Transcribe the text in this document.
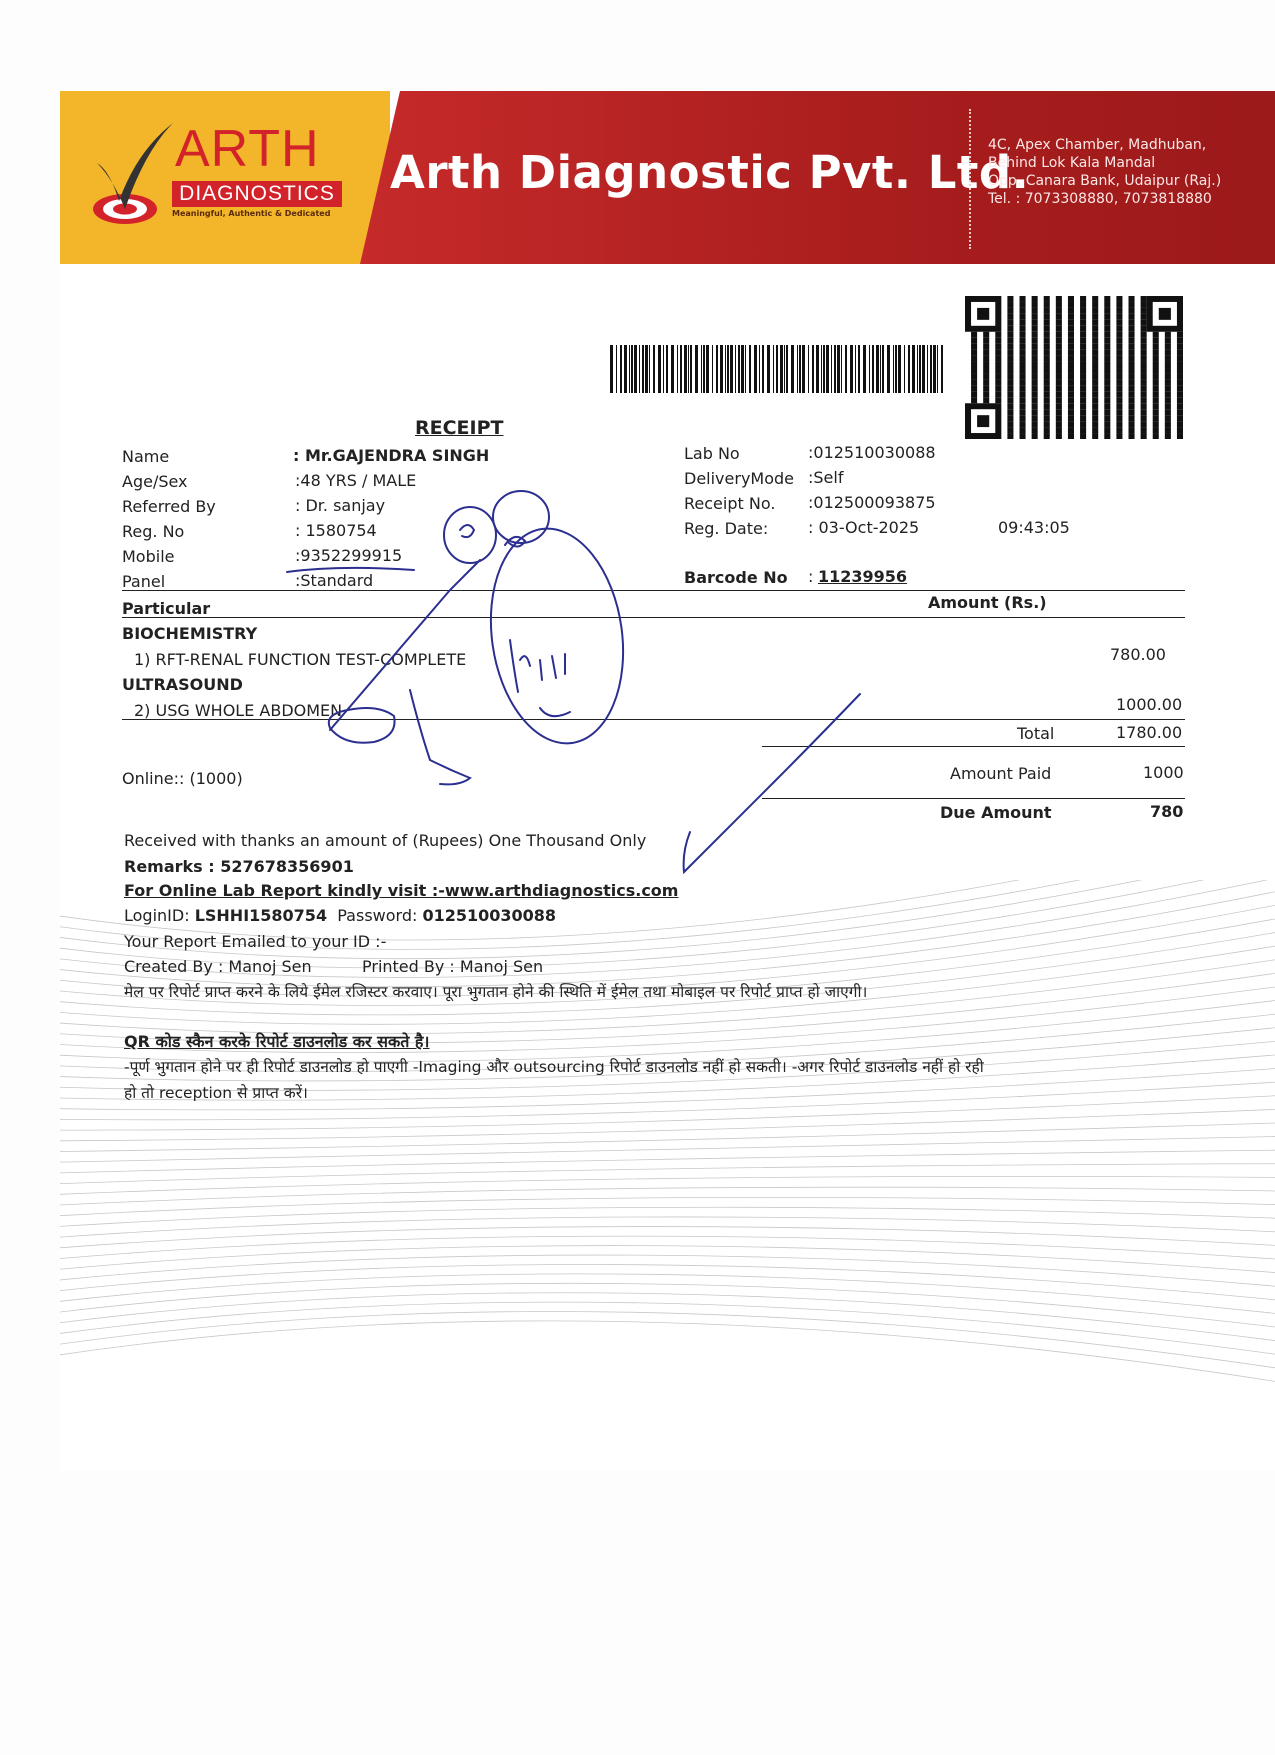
ARTH
DIAGNOSTICS
Meaningful, Authentic & Dedicated
Arth Diagnostic Pvt. Ltd.
4C, Apex Chamber, Madhuban,
Behind Lok Kala Mandal
Opp. Canara Bank, Udaipur (Raj.)
Tel. : 7073308880, 7073818880
RECEIPT
Name	: Mr.GAJENDRA SINGH
Age/Sex	:48 YRS / MALE
Referred By	: Dr. sanjay
Reg. No	: 1580754
Mobile	:9352299915
Panel	:Standard
Lab No	:012510030088
DeliveryMode :Self
Receipt No. :012500093875
Reg. Date: : 03-Oct-2025	09:43:05
Barcode No : 11239956
Particular	Amount (Rs.)
BIOCHEMISTRY
1) RFT-RENAL FUNCTION TEST-COMPLETE	780.00
ULTRASOUND
2) USG WHOLE ABDOMEN	1000.00
Total	1780.00
Online:: (1000)	Amount Paid	1000
Due Amount	780
Received with thanks an amount of (Rupees) One Thousand Only
Remarks : 527678356901
For Online Lab Report kindly visit :-www.arthdiagnostics.com
LoginID: LSHHI1580754 Password: 012510030088
Your Report Emailed to your ID :-
Created By : Manoj Sen	Printed By : Manoj Sen
मेल पर रिपोर्ट प्राप्त करने के लिये ईमेल रजिस्टर करवाए। पूरा भुगतान होने की स्थिति में ईमेल तथा मोबाइल पर रिपोर्ट प्राप्त हो जाएगी।
QR कोड स्कैन करके रिपोर्ट डाउनलोड कर सकते है।
-पूर्ण भुगतान होने पर ही रिपोर्ट डाउनलोड हो पाएगी -Imaging और outsourcing रिपोर्ट डाउनलोड नहीं हो सकती। -अगर रिपोर्ट डाउनलोड नहीं हो रही
हो तो reception से प्राप्त करें।
